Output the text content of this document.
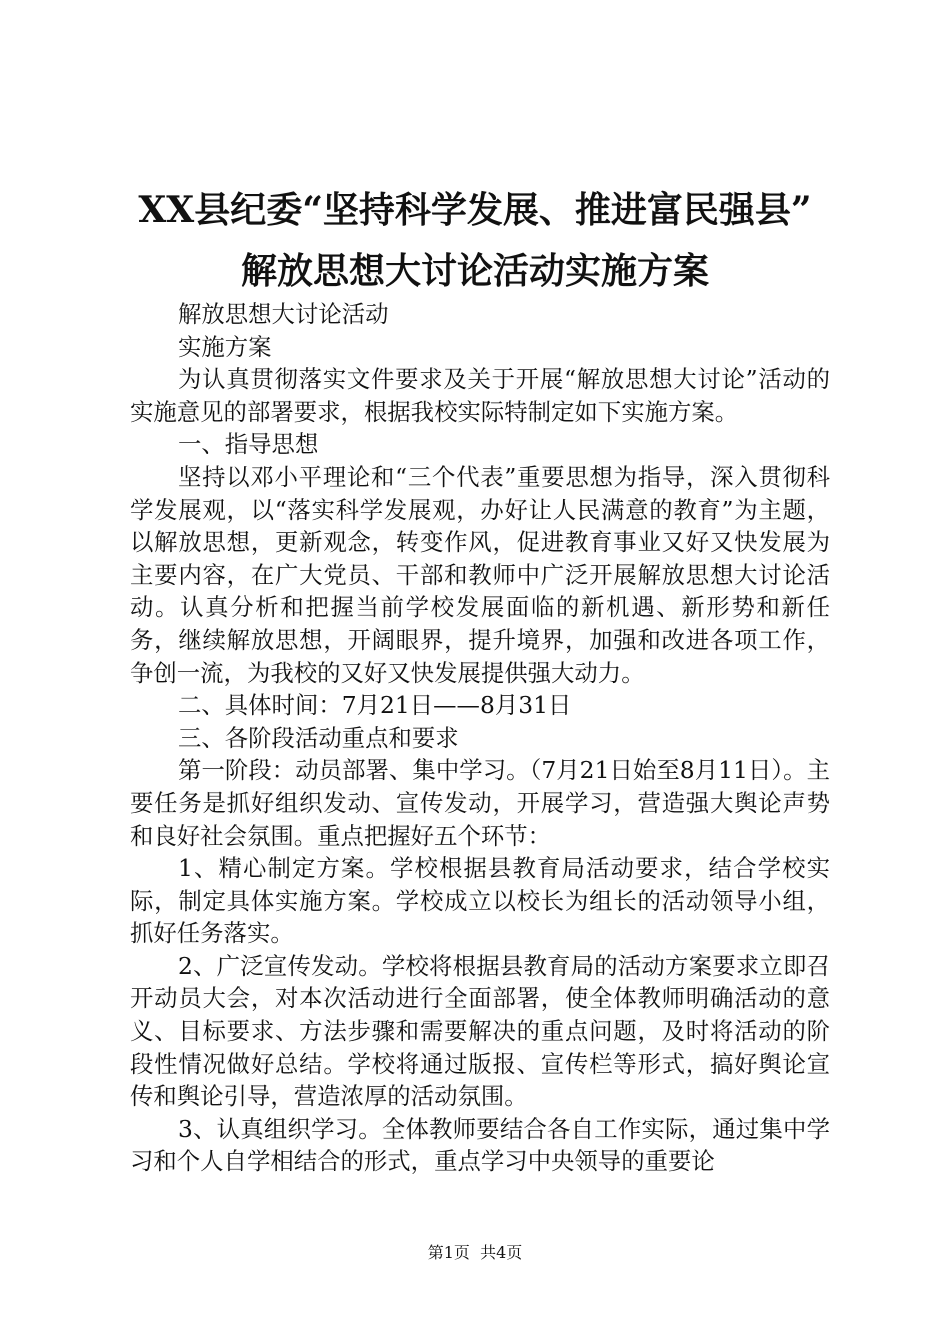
XX县纪委“坚持科学发展、推进富民强县”
解放思想大讨论活动实施方案

解放思想大讨论活动

实施方案

为认真贯彻落实文件要求及关于开展“解放思想大讨论”活动的实施意见的部署要求，根据我校实际特制定如下实施方案。

一、指导思想

坚持以邓小平理论和“三个代表”重要思想为指导，深入贯彻科学发展观，以“落实科学发展观，办好让人民满意的教育”为主题，以解放思想，更新观念，转变作风，促进教育事业又好又快发展为主要内容，在广大党员、干部和教师中广泛开展解放思想大讨论活动。认真分析和把握当前学校发展面临的新机遇、新形势和新任务，继续解放思想，开阔眼界，提升境界，加强和改进各项工作，争创一流，为我校的又好又快发展提供强大动力。

二、具体时间：7月21日——8月31日

三、各阶段活动重点和要求

第一阶段：动员部署、集中学习。（7月21日始至8月11日）。主要任务是抓好组织发动、宣传发动，开展学习，营造强大舆论声势和良好社会氛围。重点把握好五个环节：

1、精心制定方案。学校根据县教育局活动要求，结合学校实际，制定具体实施方案。学校成立以校长为组长的活动领导小组，抓好任务落实。

2、广泛宣传发动。学校将根据县教育局的活动方案要求立即召开动员大会，对本次活动进行全面部署，使全体教师明确活动的意义、目标要求、方法步骤和需要解决的重点问题，及时将活动的阶段性情况做好总结。学校将通过版报、宣传栏等形式，搞好舆论宣传和舆论引导，营造浓厚的活动氛围。

3、认真组织学习。全体教师要结合各自工作实际，通过集中学习和个人自学相结合的形式，重点学习中央领导的重要论

第1页  共4页
